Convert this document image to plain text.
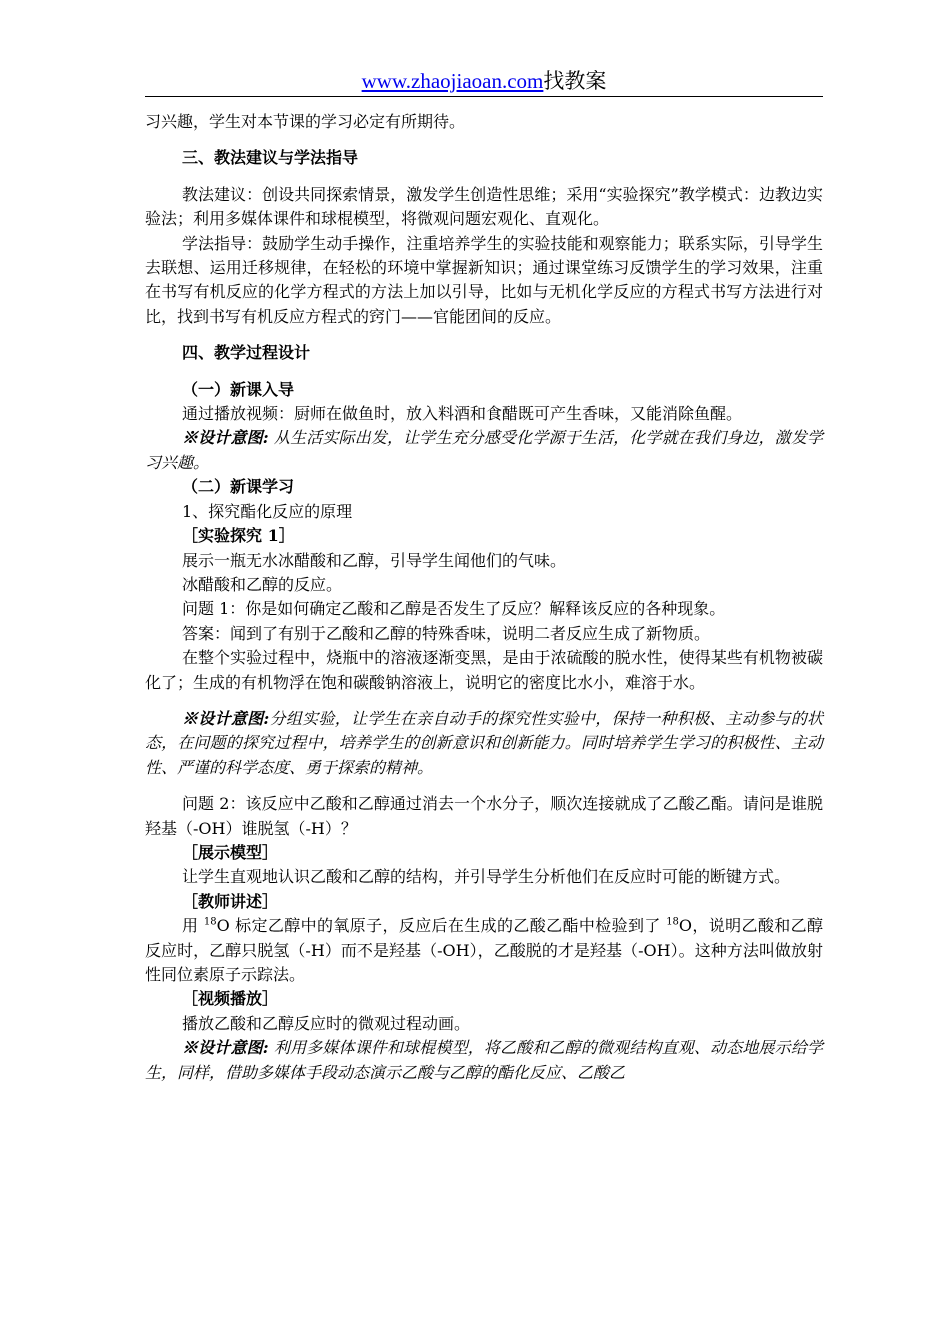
www.zhaojiaoan.com找教案

习兴趣，学生对本节课的学习必定有所期待。

三、教法建议与学法指导

教法建议：创设共同探索情景，激发学生创造性思维；采用“实验探究”教学模式：边教边实验法；利用多媒体课件和球棍模型，将微观问题宏观化、直观化。

学法指导：鼓励学生动手操作，注重培养学生的实验技能和观察能力；联系实际，引导学生去联想、运用迁移规律，在轻松的环境中掌握新知识；通过课堂练习反馈学生的学习效果，注重在书写有机反应的化学方程式的方法上加以引导，比如与无机化学反应的方程式书写方法进行对比，找到书写有机反应方程式的窍门——官能团间的反应。

四、教学过程设计

（一）新课入导

通过播放视频：厨师在做鱼时，放入料酒和食醋既可产生香味，又能消除鱼醒。

※设计意图: 从生活实际出发，让学生充分感受化学源于生活，化学就在我们身边，激发学习兴趣。

（二）新课学习

1、探究酯化反应的原理

［实验探究 1］

展示一瓶无水冰醋酸和乙醇，引导学生闻他们的气味。

冰醋酸和乙醇的反应。

问题 1：你是如何确定乙酸和乙醇是否发生了反应？解释该反应的各种现象。

答案：闻到了有别于乙酸和乙醇的特殊香味，说明二者反应生成了新物质。

在整个实验过程中，烧瓶中的溶液逐渐变黑，是由于浓硫酸的脱水性，使得某些有机物被碳化了；生成的有机物浮在饱和碳酸钠溶液上，说明它的密度比水小，难溶于水。

※设计意图:分组实验，让学生在亲自动手的探究性实验中，保持一种积极、主动参与的状态，在问题的探究过程中，培养学生的创新意识和创新能力。同时培养学生学习的积极性、主动性、严谨的科学态度、勇于探索的精神。

问题 2：该反应中乙酸和乙醇通过消去一个水分子，顺次连接就成了乙酸乙酯。请问是谁脱羟基（-OH）谁脱氢（-H）？

［展示模型］

让学生直观地认识乙酸和乙醇的结构，并引导学生分析他们在反应时可能的断键方式。

［教师讲述］

用 $^{18}$O 标定乙醇中的氧原子，反应后在生成的乙酸乙酯中检验到了 $^{18}$O，说明乙酸和乙醇反应时，乙醇只脱氢（-H）而不是羟基（-OH），乙酸脱的才是羟基（-OH）。这种方法叫做放射性同位素原子示踪法。

［视频播放］

播放乙酸和乙醇反应时的微观过程动画。

※设计意图: 利用多媒体课件和球棍模型，将乙酸和乙醇的微观结构直观、动态地展示给学生，同样，借助多媒体手段动态演示乙酸与乙醇的酯化反应、乙酸乙
